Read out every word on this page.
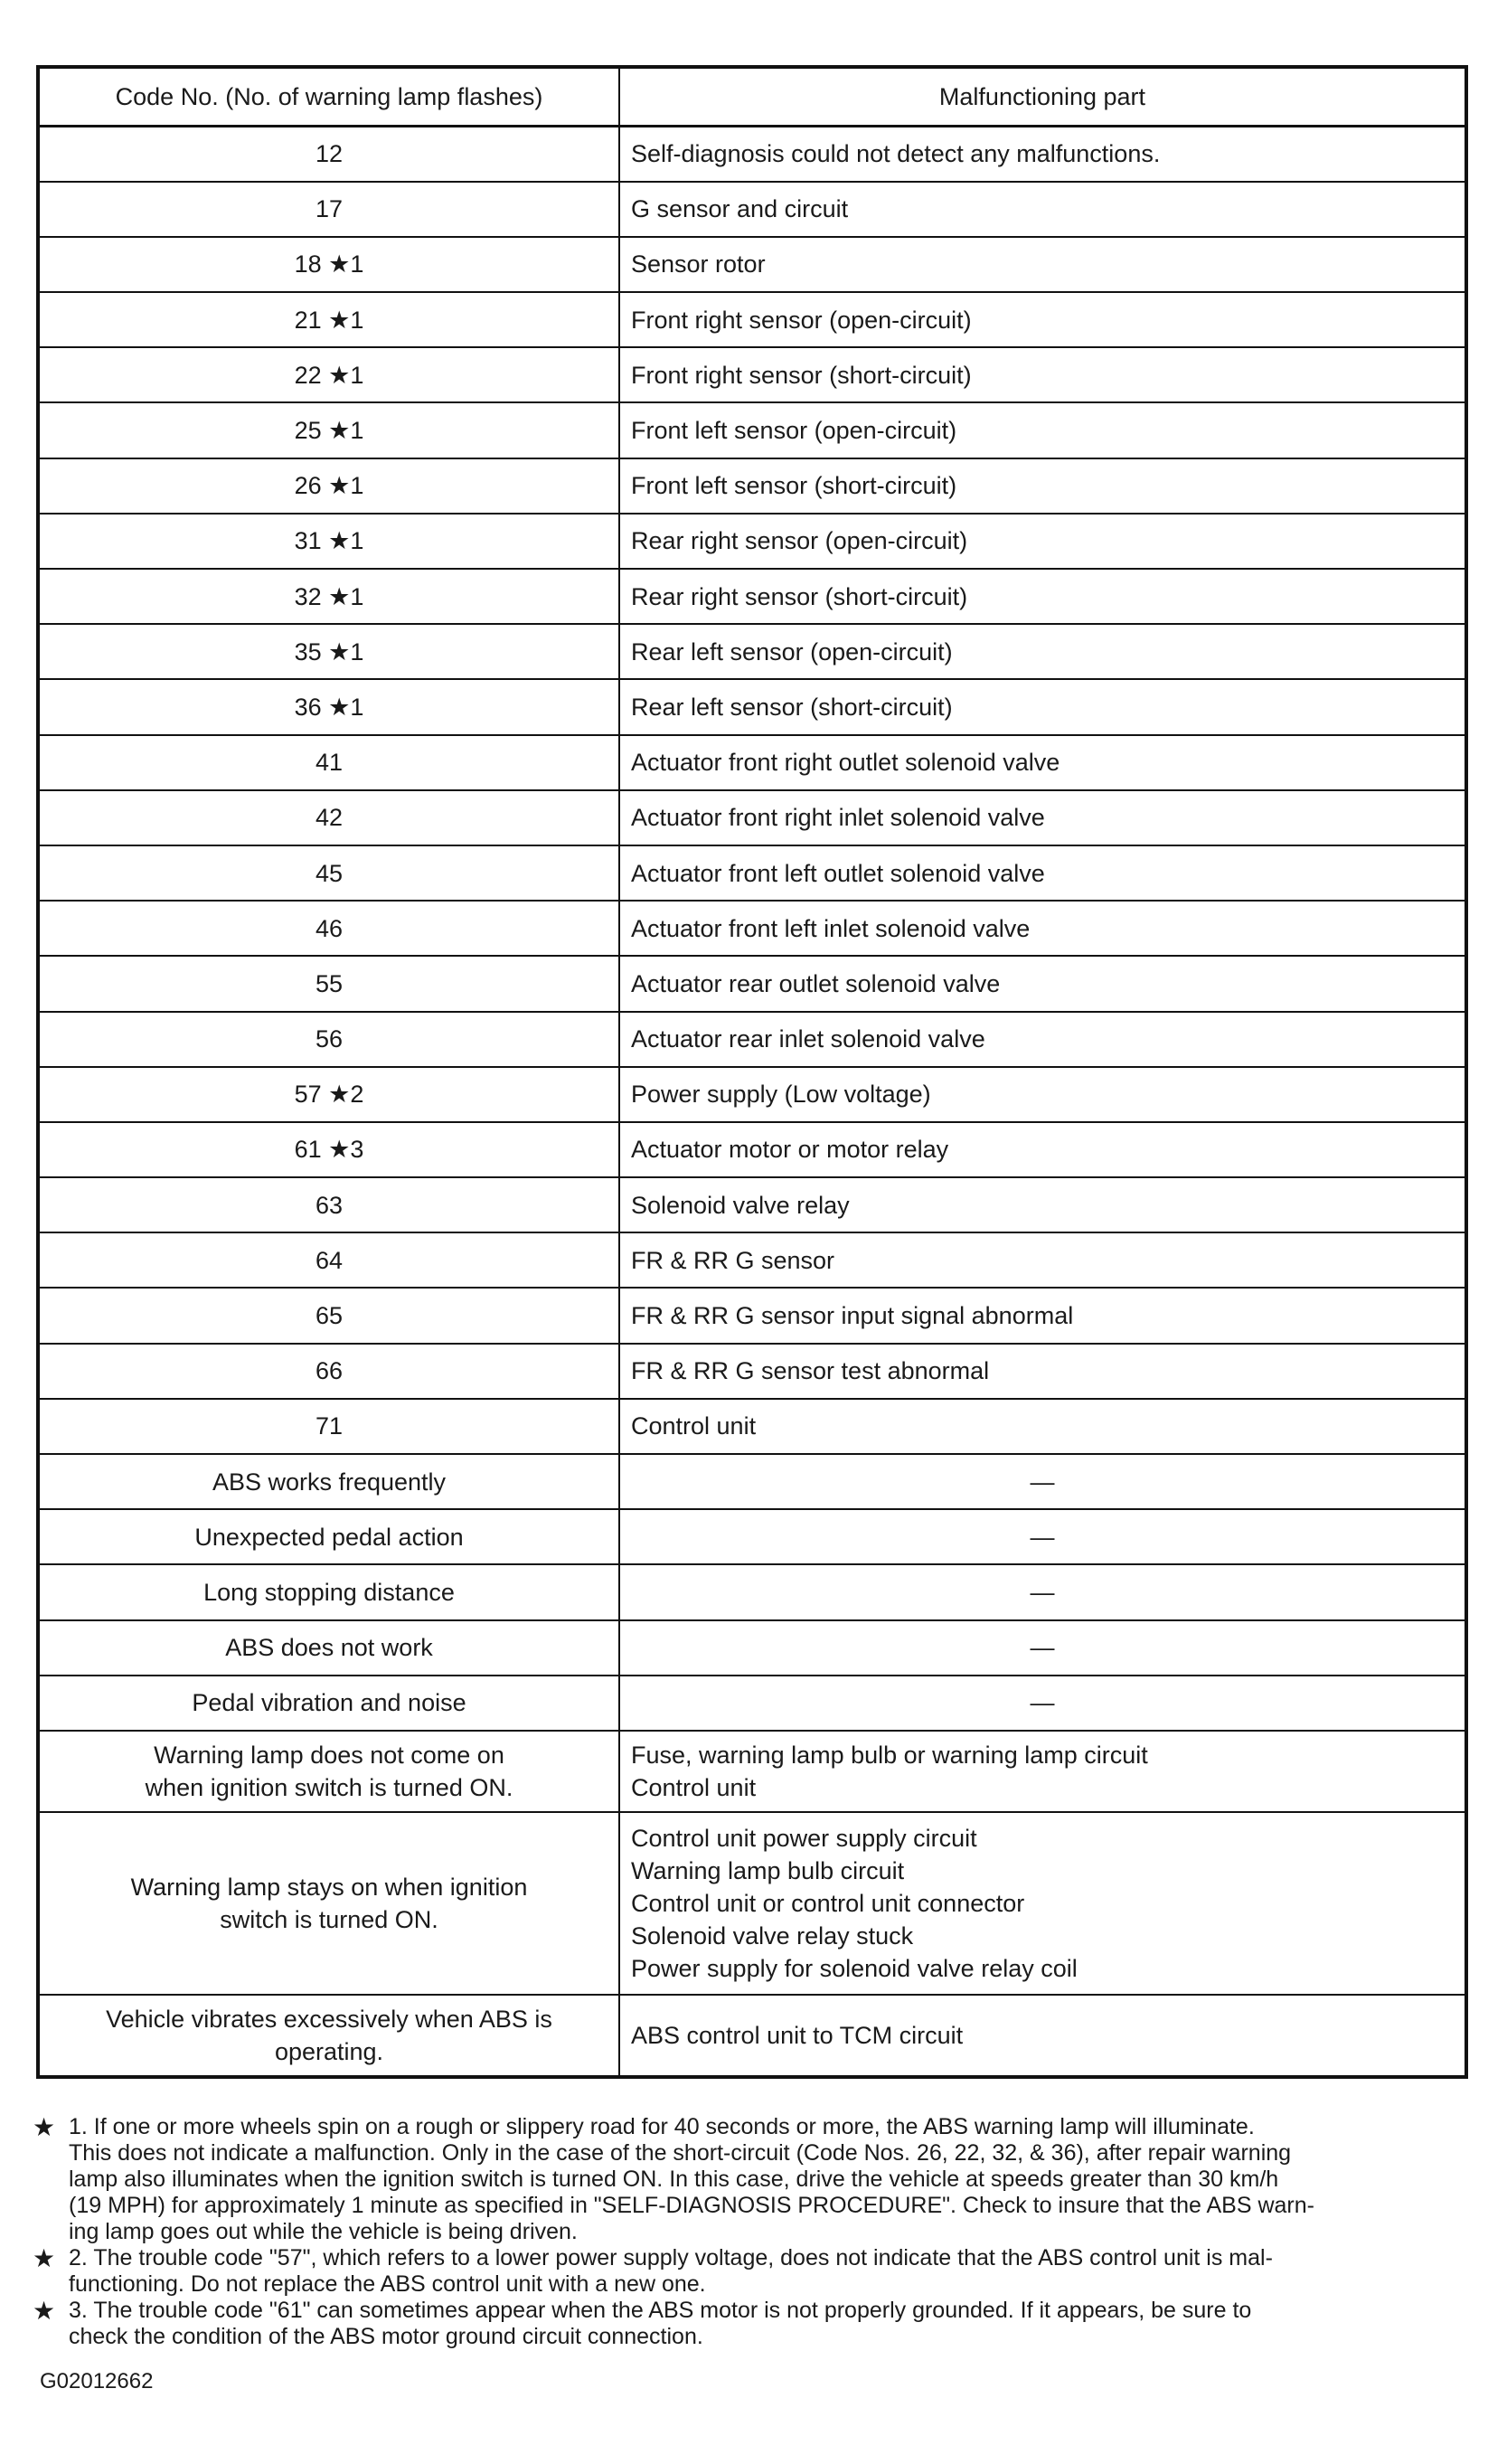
Code No. (No. of warning lamp flashes)	Malfunctioning part
12	Self-diagnosis could not detect any malfunctions.
17	G sensor and circuit
18 ★1	Sensor rotor
21 ★1	Front right sensor (open-circuit)
22 ★1	Front right sensor (short-circuit)
25 ★1	Front left sensor (open-circuit)
26 ★1	Front left sensor (short-circuit)
31 ★1	Rear right sensor (open-circuit)
32 ★1	Rear right sensor (short-circuit)
35 ★1	Rear left sensor (open-circuit)
36 ★1	Rear left sensor (short-circuit)
41	Actuator front right outlet solenoid valve
42	Actuator front right inlet solenoid valve
45	Actuator front left outlet solenoid valve
46	Actuator front left inlet solenoid valve
55	Actuator rear outlet solenoid valve
56	Actuator rear inlet solenoid valve
57 ★2	Power supply (Low voltage)
61 ★3	Actuator motor or motor relay
63	Solenoid valve relay
64	FR & RR G sensor
65	FR & RR G sensor input signal abnormal
66	FR & RR G sensor test abnormal
71	Control unit
ABS works frequently	—
Unexpected pedal action	—
Long stopping distance	—
ABS does not work	—
Pedal vibration and noise	—

Warning lamp does not come on
when ignition switch is turned ON.	Fuse, warning lamp bulb or warning lamp circuit
Control unit

Warning lamp stays on when ignition
switch is turned ON.	Control unit power supply circuit
Warning lamp bulb circuit
Control unit or control unit connector
Solenoid valve relay stuck
Power supply for solenoid valve relay coil

Vehicle vibrates excessively when ABS is
operating.	ABS control unit to TCM circuit
★ 1. If one or more wheels spin on a rough or slippery road for 40 seconds or more, the ABS warning lamp will illuminate.
This does not indicate a malfunction. Only in the case of the short-circuit (Code Nos. 26, 22, 32, & 36), after repair warning
lamp also illuminates when the ignition switch is turned ON. In this case, drive the vehicle at speeds greater than 30 km/h
(19 MPH) for approximately 1 minute as specified in "SELF-DIAGNOSIS PROCEDURE". Check to insure that the ABS warn-
ing lamp goes out while the vehicle is being driven.
★ 2. The trouble code "57", which refers to a lower power supply voltage, does not indicate that the ABS control unit is mal-
functioning. Do not replace the ABS control unit with a new one.
★ 3. The trouble code "61" can sometimes appear when the ABS motor is not properly grounded. If it appears, be sure to
check the condition of the ABS motor ground circuit connection.
G02012662
